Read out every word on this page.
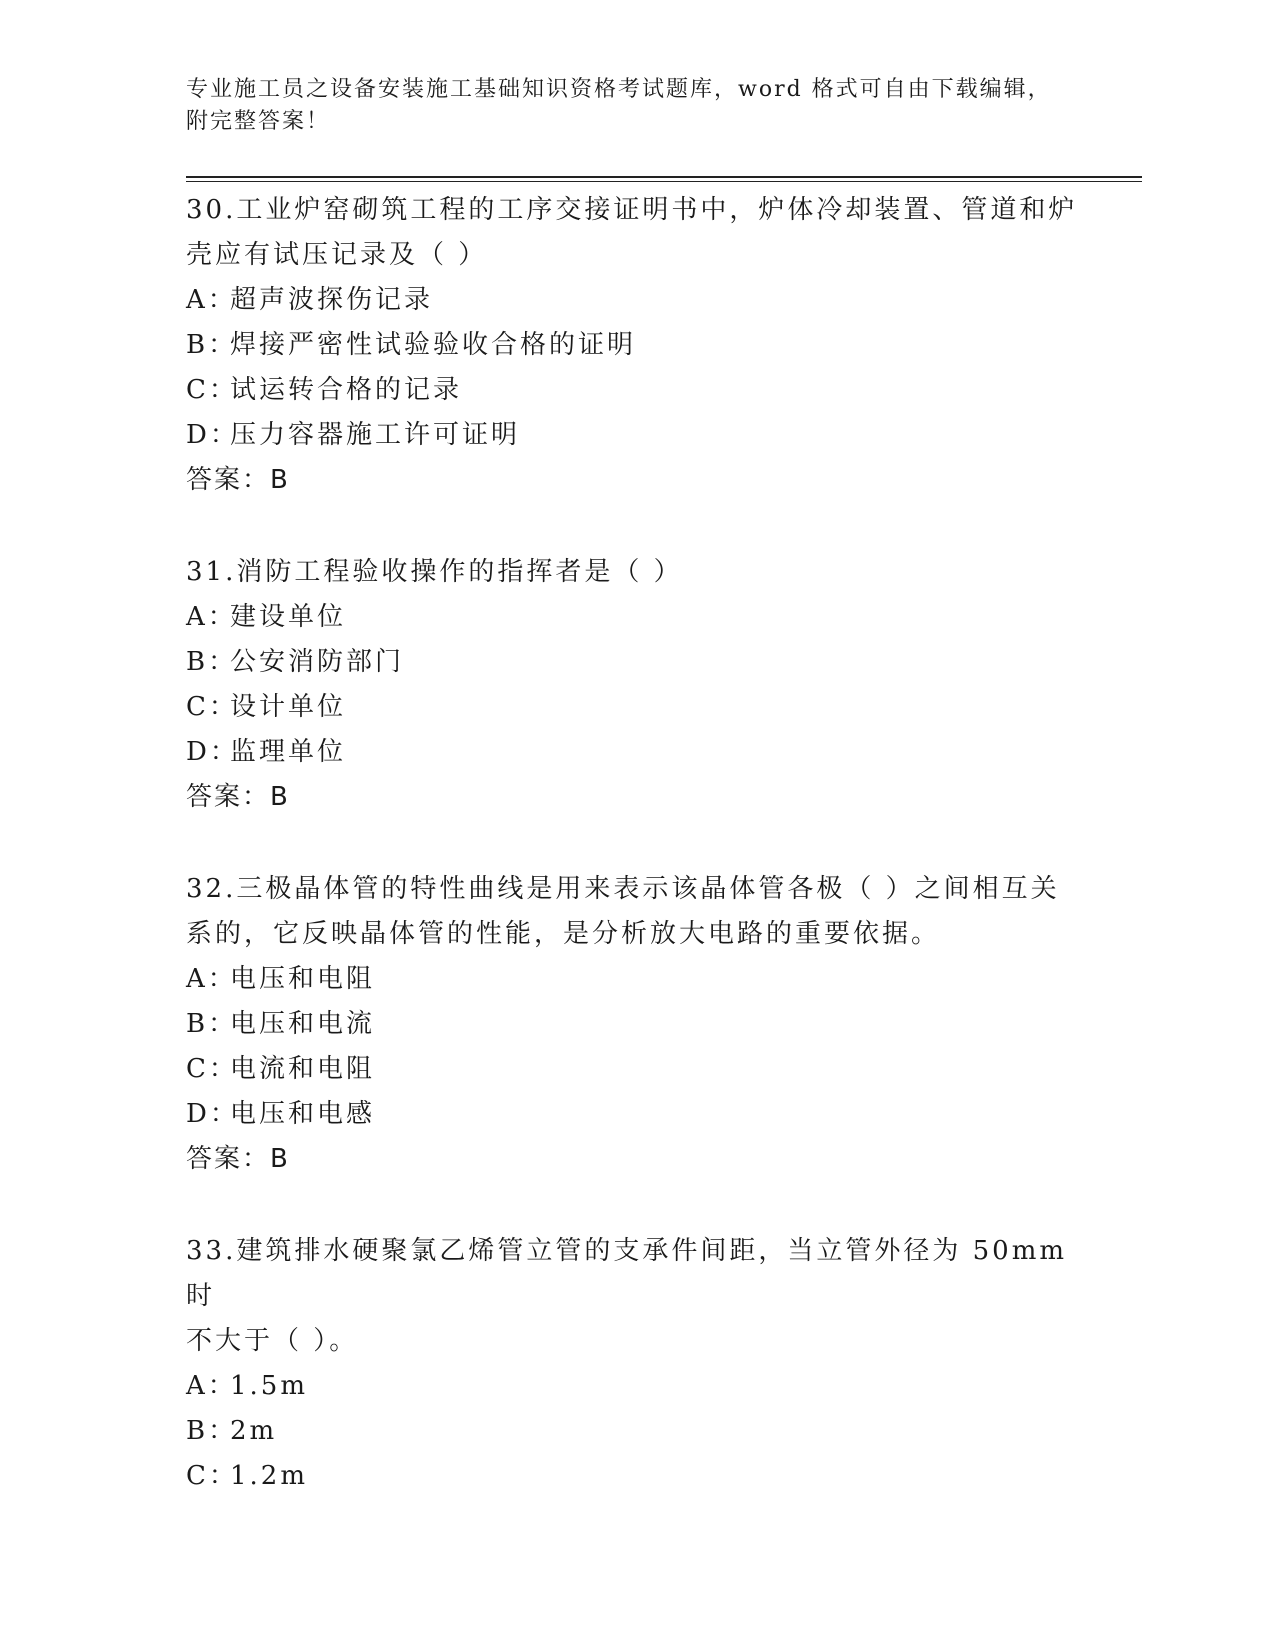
专业施工员之设备安装施工基础知识资格考试题库，word 格式可自由下载编辑，
附完整答案！
30.工业炉窑砌筑工程的工序交接证明书中，炉体冷却装置、管道和炉
壳应有试压记录及（ ）
A：超声波探伤记录
B：焊接严密性试验验收合格的证明
C：试运转合格的记录
D：压力容器施工许可证明
答案：B
31.消防工程验收操作的指挥者是（ ）
A：建设单位
B：公安消防部门
C：设计单位
D：监理单位
答案：B
32.三极晶体管的特性曲线是用来表示该晶体管各极（ ）之间相互关
系的，它反映晶体管的性能，是分析放大电路的重要依据。
A：电压和电阻
B：电压和电流
C：电流和电阻
D：电压和电感
答案：B
33.建筑排水硬聚氯乙烯管立管的支承件间距，当立管外径为 50mm 时
不大于（ ）。
A：1.5m
B：2m
C：1.2m
